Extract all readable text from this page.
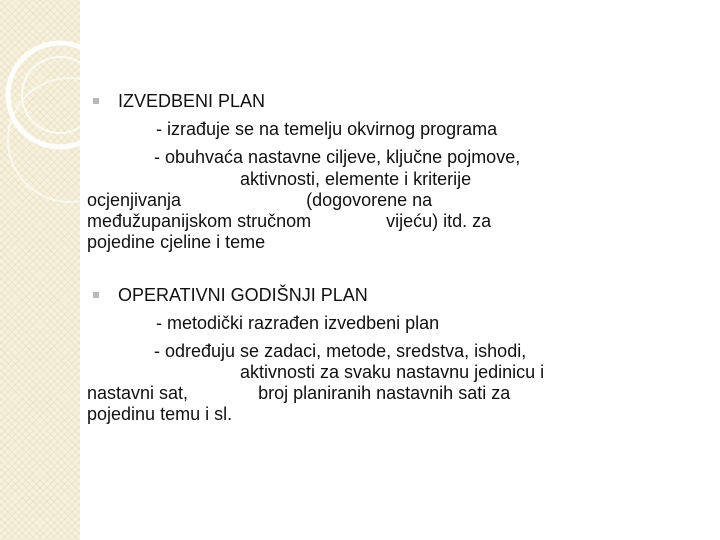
IZVEDBENI PLAN
- izrađuje se na temelju okvirnog programa
- obuhvaća nastavne ciljeve, ključne pojmove,
aktivnosti, elemente i kriterije
ocjenjivanja                         (dogovorene na
međužupanijskom stručnom               vijeću) itd. za
pojedine cjeline i teme
OPERATIVNI GODIŠNJI PLAN
- metodički razrađen izvedbeni plan
- određuju se zadaci, metode, sredstva, ishodi,
aktivnosti za svaku nastavnu jedinicu i
nastavni sat,              broj planiranih nastavnih sati za
pojedinu temu i sl.
